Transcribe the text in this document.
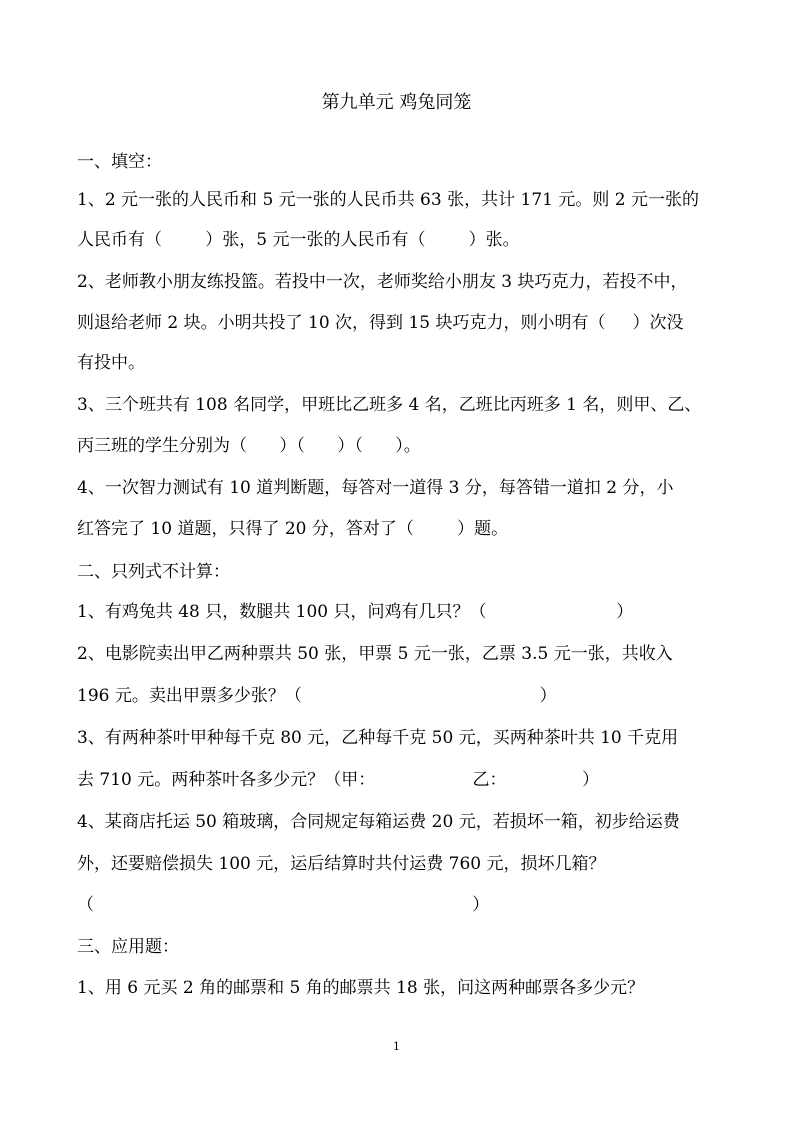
第九单元 鸡兔同笼
一、填空：
1、2 元一张的人民币和 5 元一张的人民币共 63 张，共计 171 元。则 2 元一张的
人民币有（        ）张，5 元一张的人民币有（        ）张。
2、老师教小朋友练投篮。若投中一次，老师奖给小朋友 3 块巧克力，若投不中，
则退给老师 2 块。小明共投了 10 次，得到 15 块巧克力，则小明有（     ）次没
有投中。
3、三个班共有 108 名同学，甲班比乙班多 4 名，乙班比丙班多 1 名，则甲、乙、
丙三班的学生分别为（      ）（      ）（      ）。
4、一次智力测试有 10 道判断题，每答对一道得 3 分，每答错一道扣 2 分，小
红答完了 10 道题，只得了 20 分，答对了（        ）题。
二、只列式不计算：
1、有鸡兔共 48 只，数腿共 100 只，问鸡有几只？（                        ）
2、电影院卖出甲乙两种票共 50 张，甲票 5 元一张，乙票 3.5 元一张，共收入
196 元。卖出甲票多少张？（                                            ）
3、有两种茶叶甲种每千克 80 元，乙种每千克 50 元，买两种茶叶共 10 千克用
去 710 元。两种茶叶各多少元？（甲：                  乙：              ）
4、某商店托运 50 箱玻璃，合同规定每箱运费 20 元，若损坏一箱，初步给运费
外，还要赔偿损失 100 元，运后结算时共付运费 760 元，损坏几箱？
（                                                                      ）
三、应用题：
1、用 6 元买 2 角的邮票和 5 角的邮票共 18 张，问这两种邮票各多少元？
1
